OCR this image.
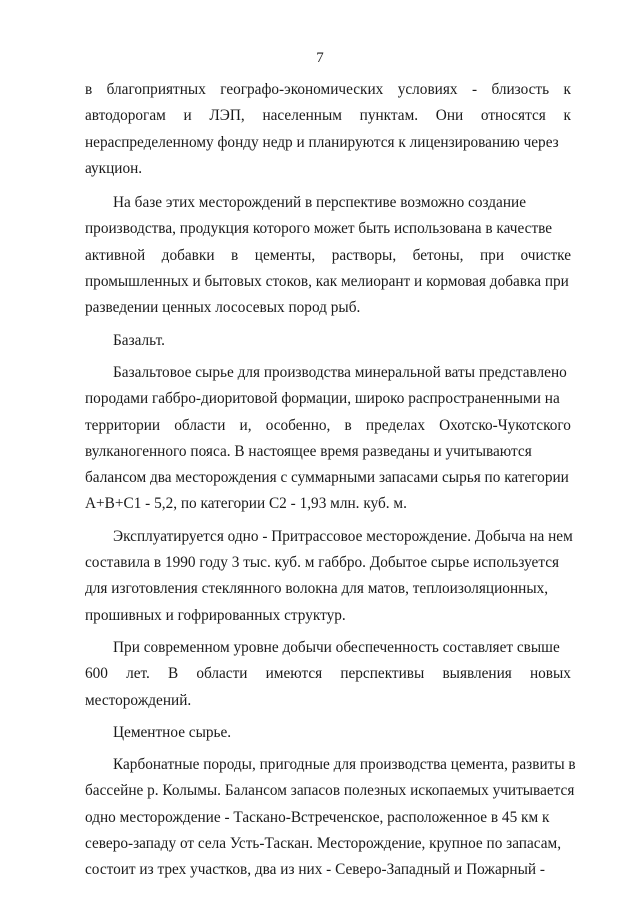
7
в благоприятных географо-экономических условиях - близость к
автодорогам и ЛЭП, населенным пунктам. Они относятся к
нераспределенному фонду недр и планируются к лицензированию через
аукцион.
На базе этих месторождений в перспективе возможно создание
производства, продукция которого может быть использована в качестве
активной добавки в цементы, растворы, бетоны, при очистке
промышленных и бытовых стоков, как мелиорант и кормовая добавка при
разведении ценных лососевых пород рыб.
Базальт.
Базальтовое сырье для производства минеральной ваты представлено
породами габбро-диоритовой формации, широко распространенными на
территории области и, особенно, в пределах Охотско-Чукотского
вулканогенного пояса. В настоящее время разведаны и учитываются
балансом два месторождения с суммарными запасами сырья по категории
А+В+С1 - 5,2, по категории С2 - 1,93 млн. куб. м.
Эксплуатируется одно - Притрассовое месторождение. Добыча на нем
составила в 1990 году 3 тыс. куб. м габбро. Добытое сырье используется
для изготовления стеклянного волокна для матов, теплоизоляционных,
прошивных и гофрированных структур.
При современном уровне добычи обеспеченность составляет свыше
600 лет. В области имеются перспективы выявления новых
месторождений.
Цементное сырье.
Карбонатные породы, пригодные для производства цемента, развиты в
бассейне р. Колымы. Балансом запасов полезных ископаемых учитывается
одно месторождение - Таскано-Встреченское, расположенное в 45 км к
северо-западу от села Усть-Таскан. Месторождение, крупное по запасам,
состоит из трех участков, два из них - Северо-Западный и Пожарный -
